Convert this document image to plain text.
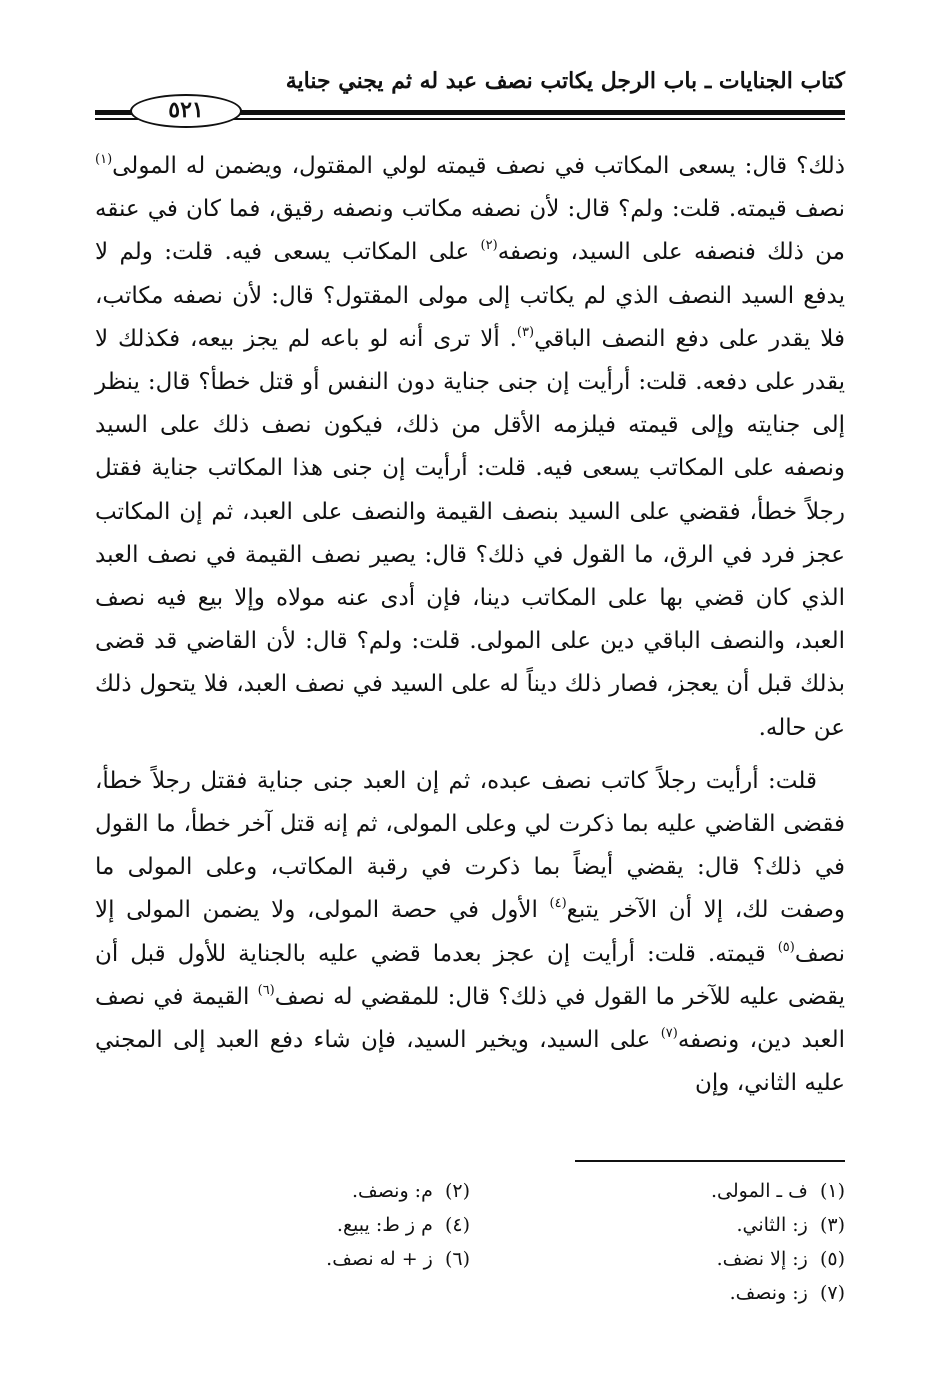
كتاب الجنايات ـ باب الرجل يكاتب نصف عبد له ثم يجني جناية
٥٢١

ذلك؟ قال: يسعى المكاتب في نصف قيمته لولي المقتول، ويضمن له المولى$^{(١)}$ نصف قيمته. قلت: ولم؟ قال: لأن نصفه مكاتب ونصفه رقيق، فما كان في عنقه من ذلك فنصفه على السيد، ونصفه$^{(٢)}$ على المكاتب يسعى فيه. قلت: ولم لا يدفع السيد النصف الذي لم يكاتب إلى مولى المقتول؟ قال: لأن نصفه مكاتب، فلا يقدر على دفع النصف الباقي$^{(٣)}$. ألا ترى أنه لو باعه لم يجز بيعه، فكذلك لا يقدر على دفعه. قلت: أرأيت إن جنى جناية دون النفس أو قتل خطأ؟ قال: ينظر إلى جنايته وإلى قيمته فيلزمه الأقل من ذلك، فيكون نصف ذلك على السيد ونصفه على المكاتب يسعى فيه. قلت: أرأيت إن جنى هذا المكاتب جناية فقتل رجلاً خطأ، فقضي على السيد بنصف القيمة والنصف على العبد، ثم إن المكاتب عجز فرد في الرق، ما القول في ذلك؟ قال: يصير نصف القيمة في نصف العبد الذي كان قضي بها على المكاتب دينا، فإن أدى عنه مولاه وإلا بيع فيه نصف العبد، والنصف الباقي دين على المولى. قلت: ولم؟ قال: لأن القاضي قد قضى بذلك قبل أن يعجز، فصار ذلك ديناً له على السيد في نصف العبد، فلا يتحول ذلك عن حاله.

قلت: أرأيت رجلاً كاتب نصف عبده، ثم إن العبد جنى جناية فقتل رجلاً خطأ، فقضى القاضي عليه بما ذكرت لي وعلى المولى، ثم إنه قتل آخر خطأ، ما القول في ذلك؟ قال: يقضي أيضاً بما ذكرت في رقبة المكاتب، وعلى المولى ما وصفت لك، إلا أن الآخر يتبع$^{(٤)}$ الأول في حصة المولى، ولا يضمن المولى إلا نصف$^{(٥)}$ قيمته. قلت: أرأيت إن عجز بعدما قضي عليه بالجناية للأول قبل أن يقضى عليه للآخر ما القول في ذلك؟ قال: للمقضي له نصف$^{(٦)}$ القيمة في نصف العبد دين، ونصفه$^{(٧)}$ على السيد، ويخير السيد، فإن شاء دفع العبد إلى المجني عليه الثاني، وإن

(١)  ف ـ المولى.
(٢)  م: ونصف.
(٣)  ز: الثاني.
(٤)  م ز ط: يبيع.
(٥)  ز: إلا نضف.
(٦)  ز + له نصف.
(٧)  ز: ونصف.
